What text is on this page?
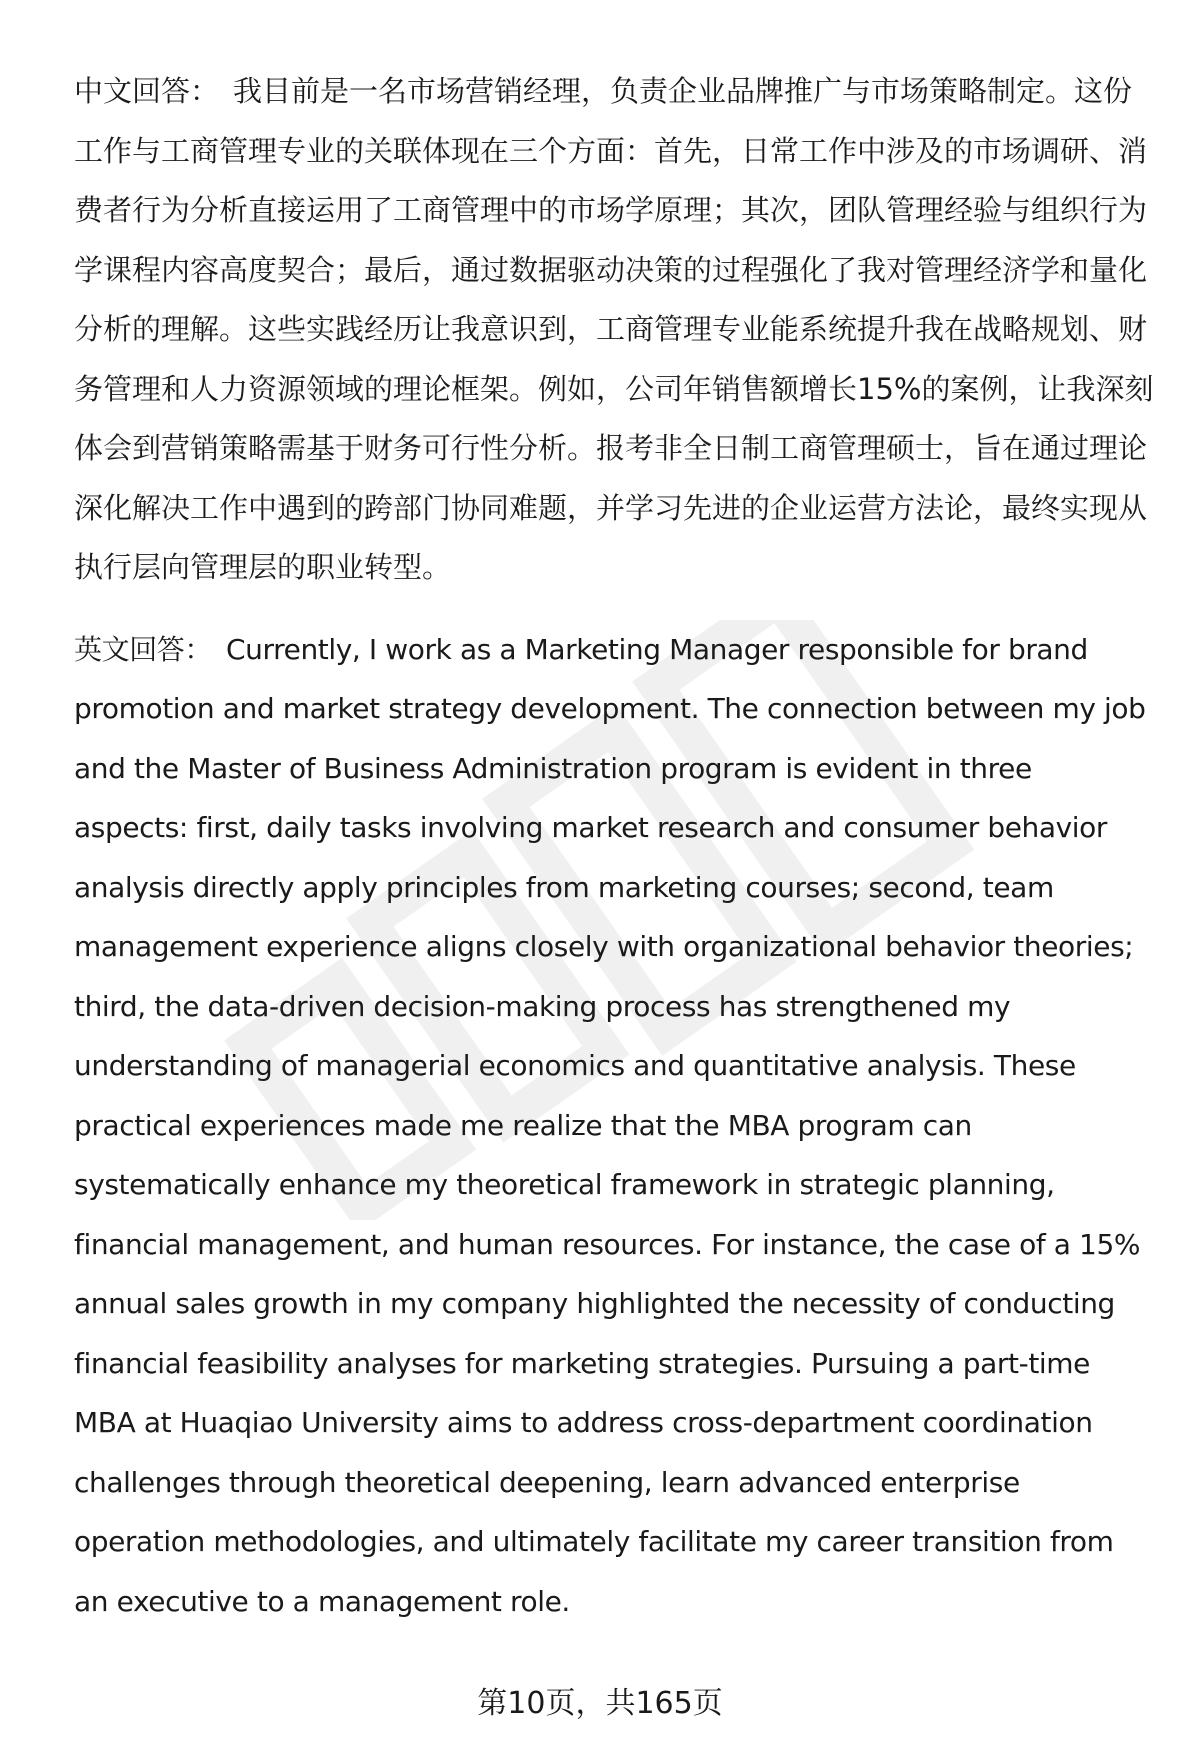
中文回答： 我目前是一名市场营销经理，负责企业品牌推广与市场策略制定。这份工作与工商管理专业的关联体现在三个方面：首先，日常工作中涉及的市场调研、消费者行为分析直接运用了工商管理中的市场学原理；其次，团队管理经验与组织行为学课程内容高度契合；最后，通过数据驱动决策的过程强化了我对管理经济学和量化分析的理解。这些实践经历让我意识到，工商管理专业能系统提升我在战略规划、财务管理和人力资源领域的理论框架。例如，公司年销售额增长15%的案例，让我深刻体会到营销策略需基于财务可行性分析。报考非全日制工商管理硕士，旨在通过理论深化解决工作中遇到的跨部门协同难题，并学习先进的企业运营方法论，最终实现从执行层向管理层的职业转型。

英文回答： Currently, I work as a Marketing Manager responsible for brand promotion and market strategy development. The connection between my job and the Master of Business Administration program is evident in three aspects: first, daily tasks involving market research and consumer behavior analysis directly apply principles from marketing courses; second, team management experience aligns closely with organizational behavior theories; third, the data-driven decision-making process has strengthened my understanding of managerial economics and quantitative analysis. These practical experiences made me realize that the MBA program can systematically enhance my theoretical framework in strategic planning, financial management, and human resources. For instance, the case of a 15% annual sales growth in my company highlighted the necessity of conducting financial feasibility analyses for marketing strategies. Pursuing a part-time MBA at Huaqiao University aims to address cross-department coordination challenges through theoretical deepening, learn advanced enterprise operation methodologies, and ultimately facilitate my career transition from an executive to a management role.

第10页，共165页
